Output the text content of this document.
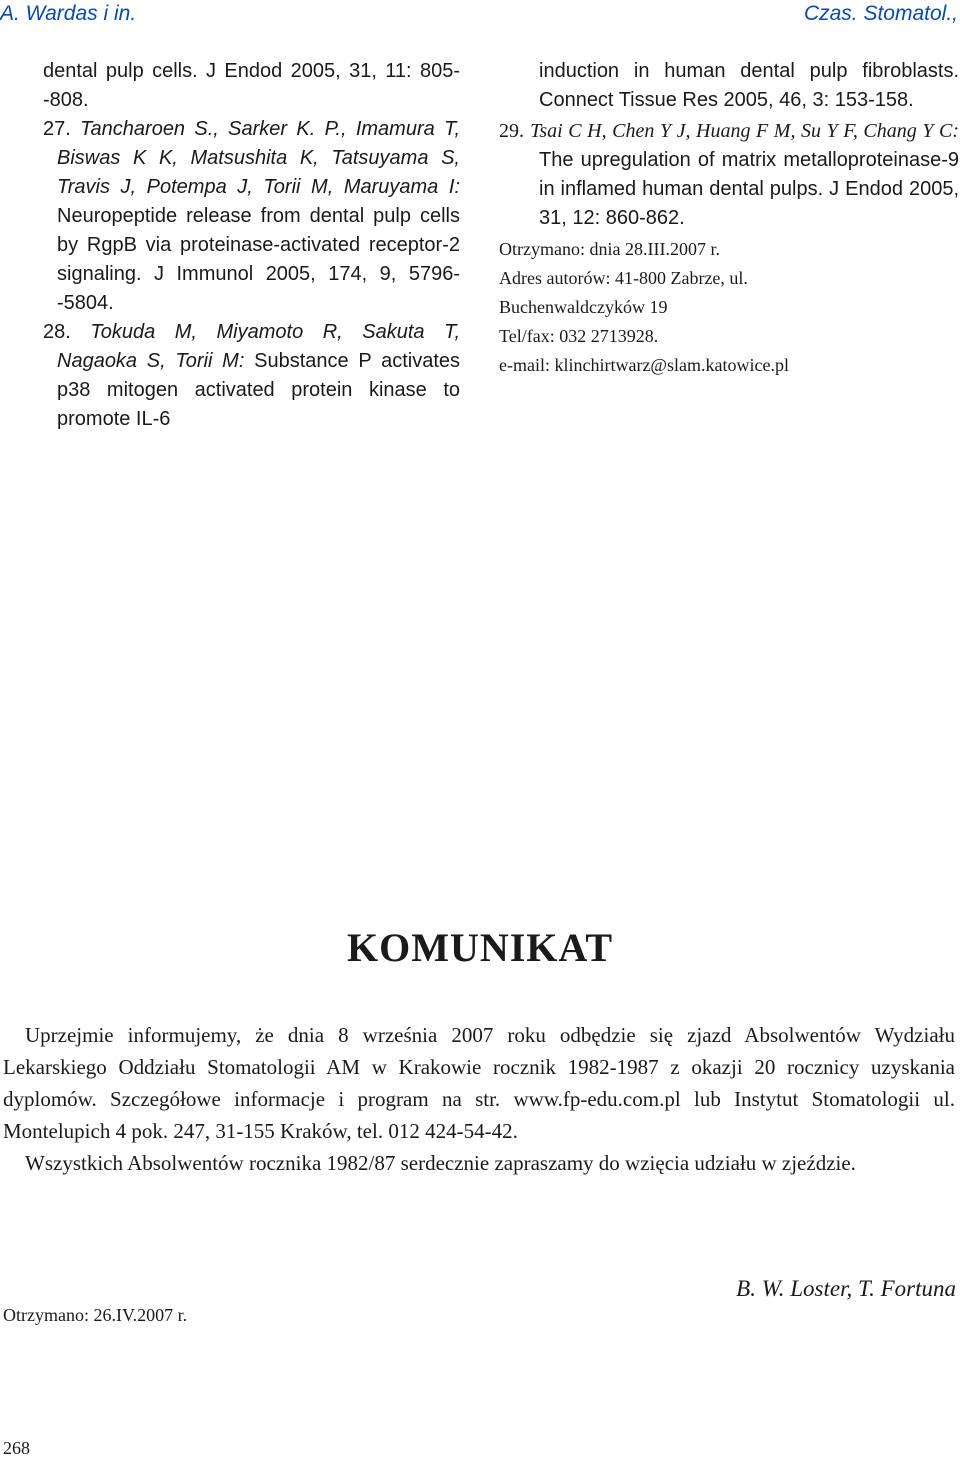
A. Wardas i in.	Czas. Stomatol.,
dental pulp cells. J Endod 2005, 31, 11: 805--808.
27. Tancharoen S., Sarker K. P., Imamura T, Biswas K K, Matsushita K, Tatsuyama S, Travis J, Potempa J, Torii M, Maruyama I: Neuropeptide release from dental pulp cells by RgpB via proteinase-activated receptor-2 signaling. J Immunol 2005, 174, 9, 5796--5804.
28. Tokuda M, Miyamoto R, Sakuta T, Nagaoka S, Torii M: Substance P activates p38 mitogen activated protein kinase to promote IL-6
induction in human dental pulp fibroblasts. Connect Tissue Res 2005, 46, 3: 153-158.
29. Tsai C H, Chen Y J, Huang F M, Su Y F, Chang Y C: The upregulation of matrix metalloproteinase-9 in inflamed human dental pulps. J Endod 2005, 31, 12: 860-862.
Otrzymano: dnia 28.III.2007 r.
Adres autorów: 41-800 Zabrze, ul.
Buchenwaldczyków 19
Tel/fax: 032 2713928.
e-mail: klinchirtwarz@slam.katowice.pl
KOMUNIKAT

Uprzejmie informujemy, że dnia 8 września 2007 roku odbędzie się zjazd Absolwentów Wydziału Lekarskiego Oddziału Stomatologii AM w Krakowie rocznik 1982-1987 z okazji 20 rocznicy uzyskania dyplomów. Szczegółowe informacje i program na str. www.fp-edu.com.pl lub Instytut Stomatologii ul. Montelupich 4 pok. 247, 31-155 Kraków, tel. 012 424-54-42.

Wszystkich Absolwentów rocznika 1982/87 serdecznie zapraszamy do wzięcia udziału w zjeździe.

B. W. Loster, T. Fortuna
Otrzymano: 26.IV.2007 r.
268
